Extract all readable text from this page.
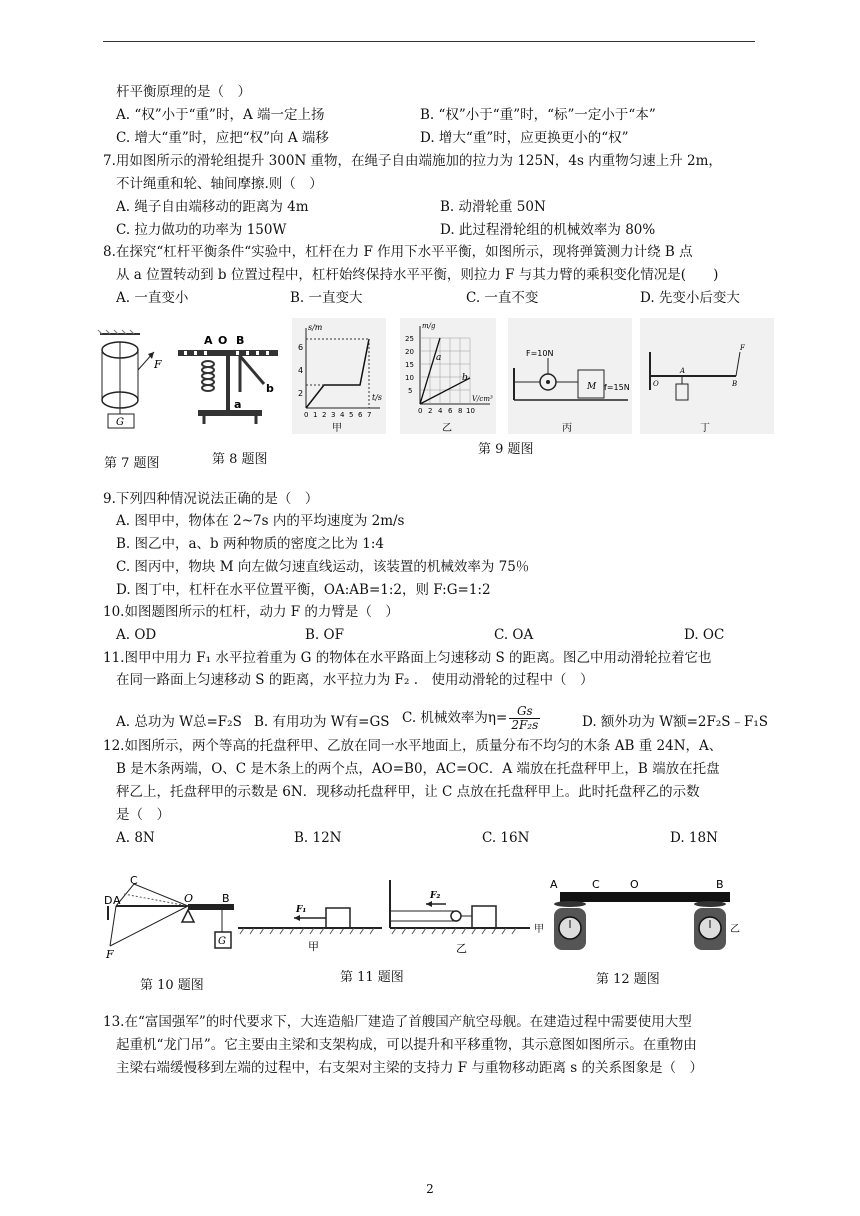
杆平衡原理的是（　）
A. “权”小于“重”时，A 端一定上扬	B. “权”小于“重”时，“标”一定小于“本”
C. 增大“重”时，应把“权”向 A 端移	D. 增大“重”时，应更换更小的“权”
7.用如图所示的滑轮组提升 300N 重物，在绳子自由端施加的拉力为 125N，4s 内重物匀速上升 2m，
不计绳重和轮、轴间摩擦.则（　）
A. 绳子自由端移动的距离为 4m	B. 动滑轮重 50N
C. 拉力做功的功率为 150W	D. 此过程滑轮组的机械效率为 80%
8.在探究“杠杆平衡条件“实验中，杠杆在力 F 作用下水平平衡，如图所示，现将弹簧测力计绕 B 点
从 a 位置转动到 b 位置过程中，杠杆始终保持水平平衡，则拉力 F 与其力臂的乘积变化情况是(　　)
A. 一直变小	B. 一直变大	C. 一直不变	D. 先变小后变大
F
G
A O B
a
b
s/m
t/s
2
4
6
0 1 2 3 4 5 6 7
甲
m/g
V/cm³
5
10
15
20
25
0 2 4 6 8 10
a
b
乙
M
F=10N
f=15N
丙
O
A
B
F
丁
第 7 题图	第 8 题图
第 9 题图
9.下列四种情况说法正确的是（　）
A. 图甲中，物体在 2~7s 内的平均速度为 2m/s
B. 图乙中，a、b 两种物质的密度之比为 1:4
C. 图丙中，物块 M 向左做匀速直线运动，该装置的机械效率为 75％
D. 图丁中，杠杆在水平位置平衡，OA:AB=1:2，则 F:G=1:2
10.如图题图所示的杠杆，动力 F 的力臂是（　）
A. OD	B. OF	C. OA	D. OC
11.图甲中用力 F₁ 水平拉着重为 G 的物体在水平路面上匀速移动 S 的距离。图乙中用动滑轮拉着它也
在同一路面上匀速移动 S 的距离，水平拉力为 F₂ .　使用动滑轮的过程中（　）
A. 总功为 W总=F₂S B. 有用功为 W有=GS C. 机械效率为$\eta= \frac{Gs}{\text{2F₂s}}$	D. 额外功为 W额=2F₂S﹣F₁S
12.如图所示，两个等高的托盘秤甲、乙放在同一水平地面上，质量分布不均匀的木条 AB 重 24N，A、
B 是木条两端，O、C 是木条上的两个点，AO=B0，AC=OC．A 端放在托盘秤甲上，B 端放在托盘
秤乙上，托盘秤甲的示数是 6N．现移动托盘秤甲，让 C 点放在托盘秤甲上。此时托盘秤乙的示数
是（　）
A. 8N	B. 12N	C. 16N	D. 18N
C
D A	O	B
F
G
F₁
甲
F₂
乙
A	C	O	B
甲	乙
第 10 题图
第 11 题图	第 12 题图
13.在“富国强军”的时代要求下，大连造船厂建造了首艘国产航空母舰。在建造过程中需要使用大型
起重机“龙门吊”。它主要由主梁和支架构成，可以提升和平移重物，其示意图如图所示。在重物由
主梁右端缓慢移到左端的过程中，右支架对主梁的支持力 F 与重物移动距离 s 的关系图象是（　）
2
